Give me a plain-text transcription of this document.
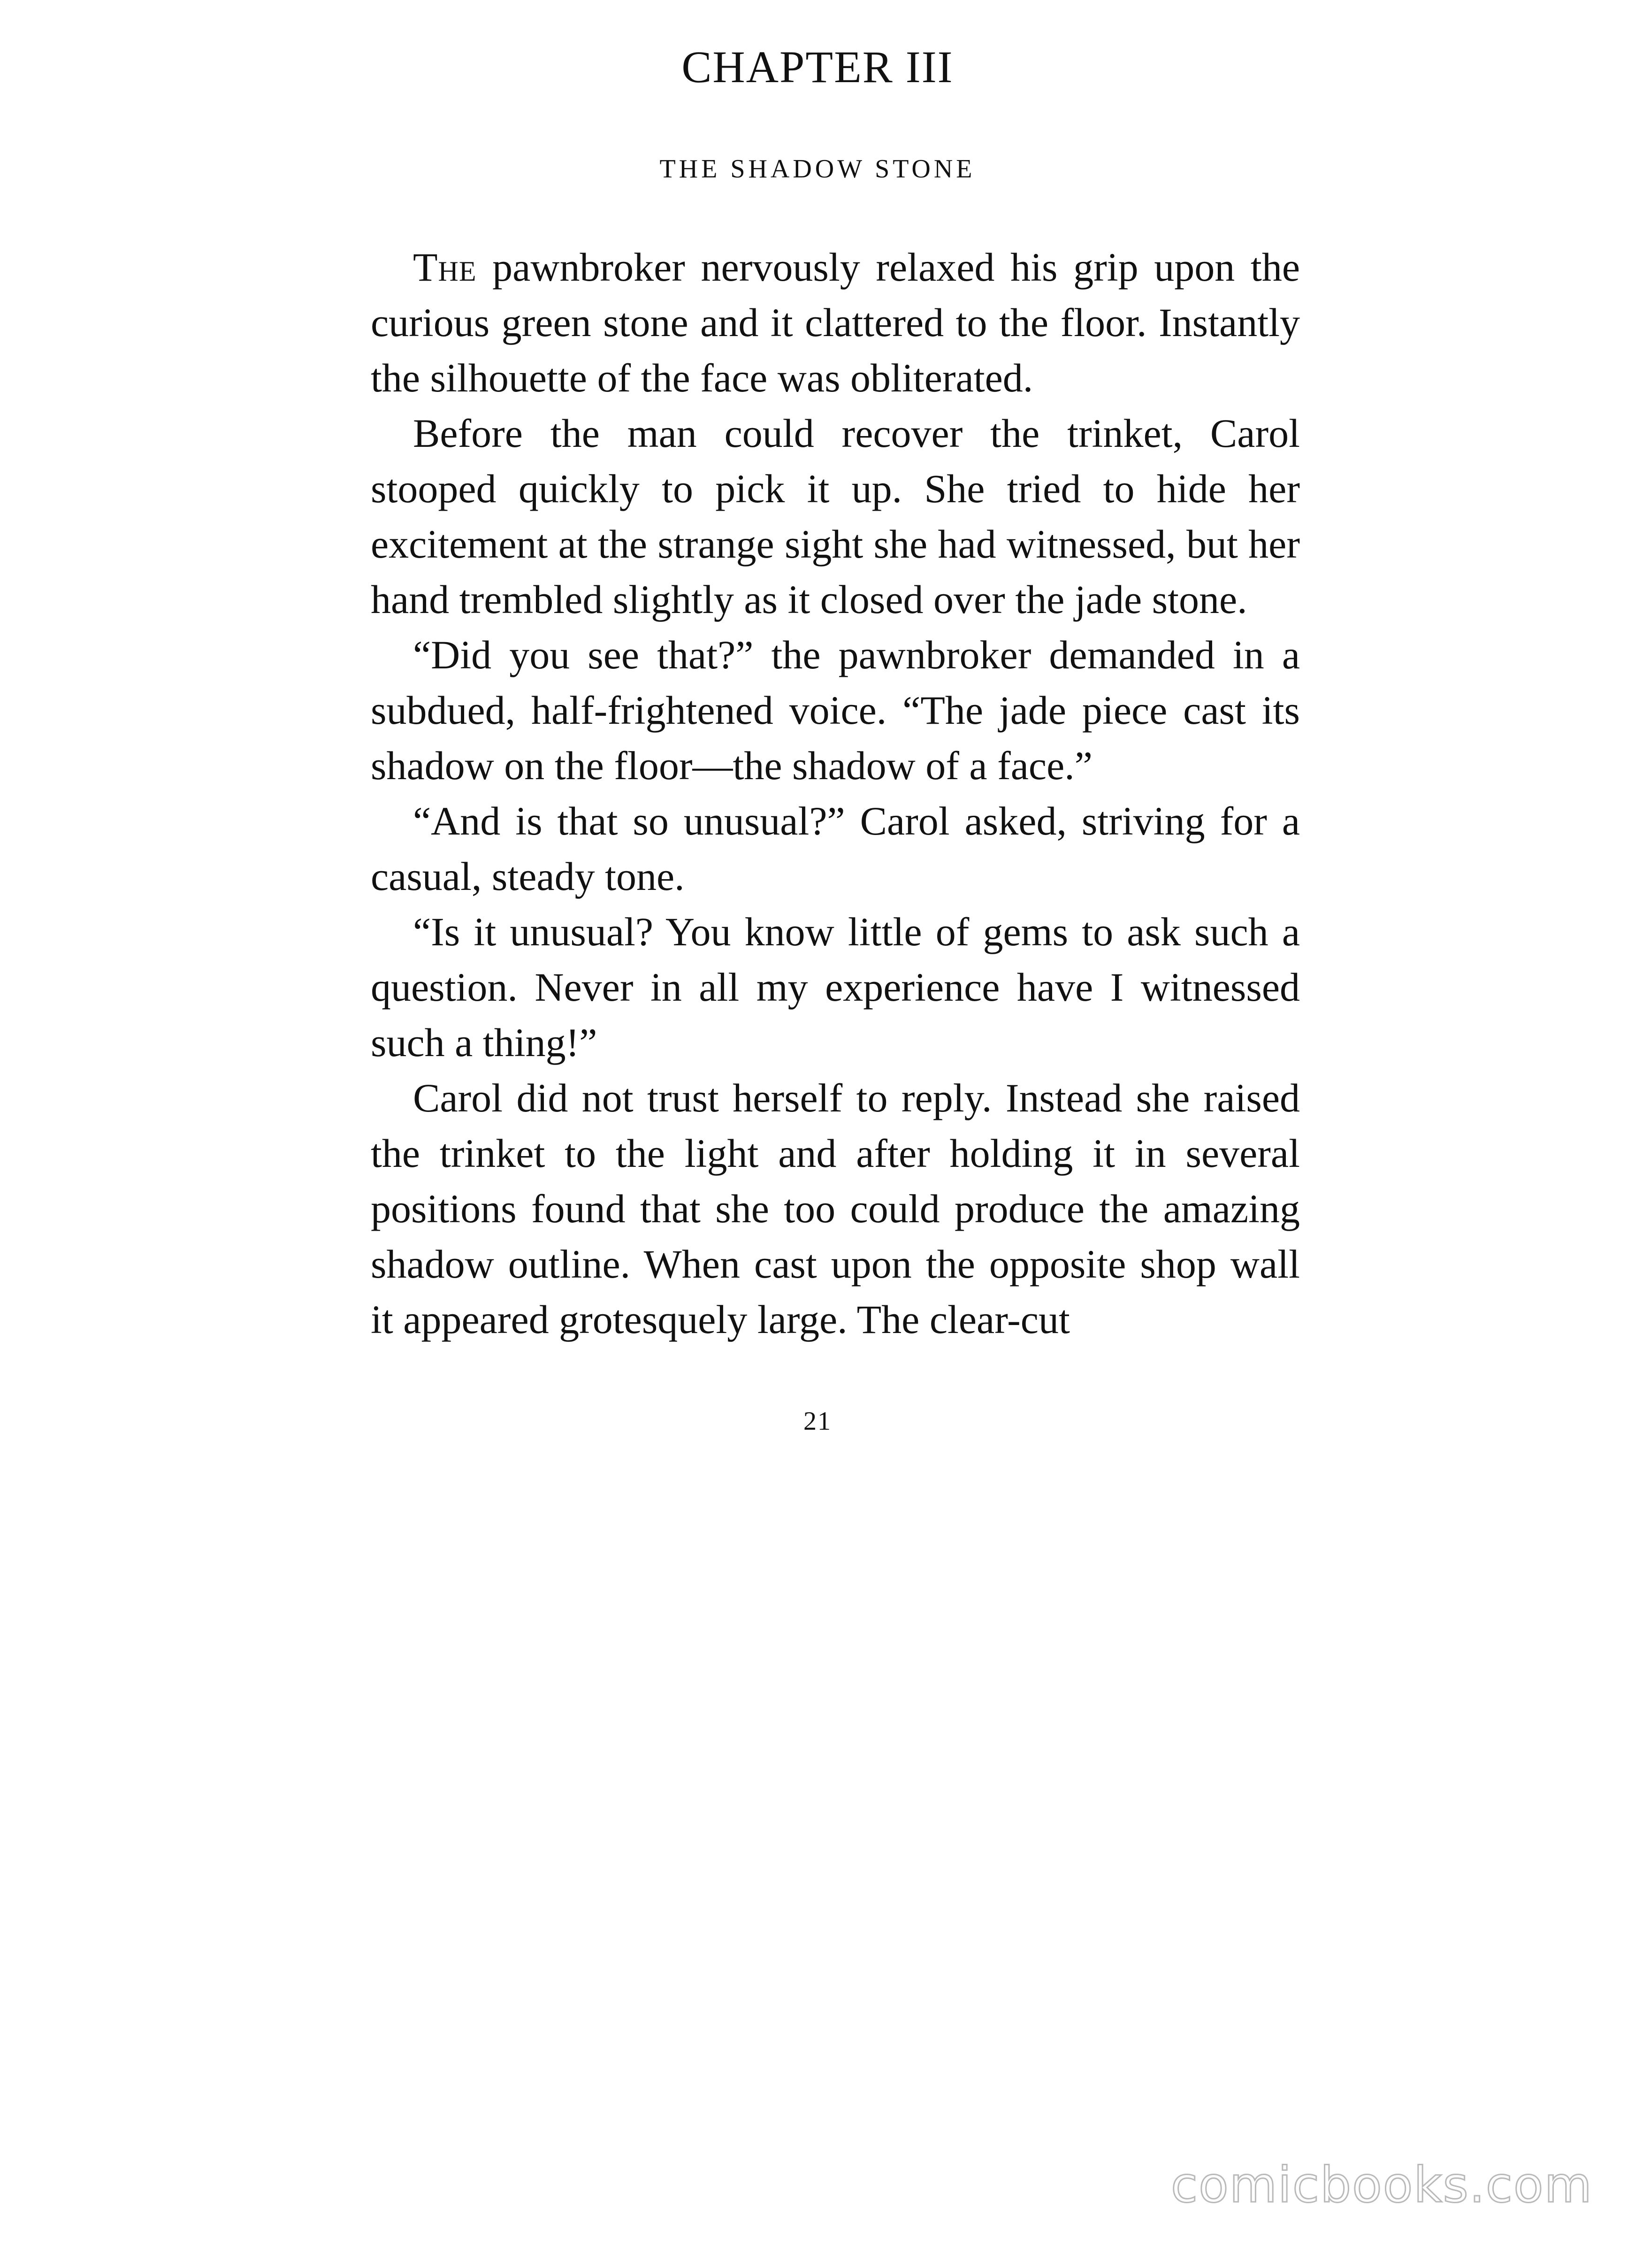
CHAPTER III
THE SHADOW STONE

The pawnbroker nervously relaxed his grip upon the curious green stone and it clattered to the floor. Instantly the silhouette of the face was obliterated.

Before the man could recover the trinket, Carol stooped quickly to pick it up. She tried to hide her excitement at the strange sight she had witnessed, but her hand trembled slightly as it closed over the jade stone.

“Did you see that?” the pawnbroker demanded in a subdued, half-frightened voice. “The jade piece cast its shadow on the floor—the shadow of a face.”

“And is that so unusual?” Carol asked, striving for a casual, steady tone.

“Is it unusual? You know little of gems to ask such a question. Never in all my experience have I witnessed such a thing!”

Carol did not trust herself to reply. Instead she raised the trinket to the light and after holding it in several positions found that she too could produce the amazing shadow outline. When cast upon the opposite shop wall it appeared grotesquely large. The clear-cut

21
comicbooks.com
